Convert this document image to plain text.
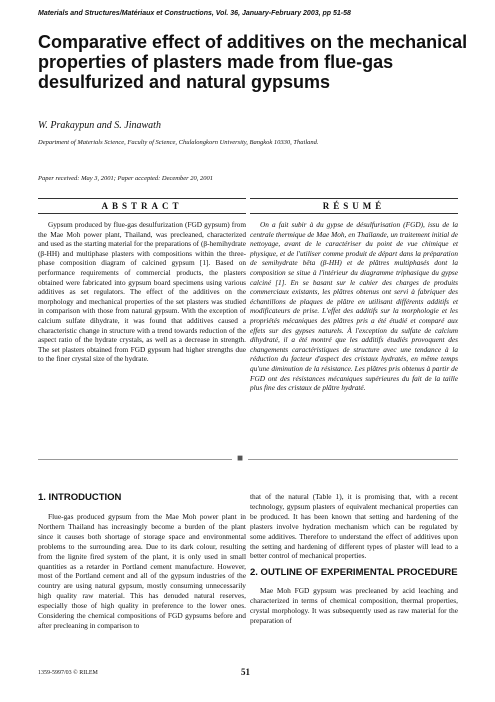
Materials and Structures/Matériaux et Constructions, Vol. 36, January-February 2003, pp 51-58
Comparative effect of additives on the mechanical properties of plasters made from flue-gas desulfurized and natural gypsums
W. Prakaypun and S. Jinawath
Department of Materials Science, Faculty of Science, Chulalongkorn University, Bangkok 10330, Thailand.
Paper received: May 3, 2001; Paper accepted: December 20, 2001
ABSTRACT	RÉSUMÉ

Gypsum produced by flue-gas desulfurization (FGD gypsum) from the Mae Moh power plant, Thailand, was precleaned, characterized and used as the starting material for the preparations of (β-hemihydrate (β-HH) and multiphase plasters with compositions within the three-phase composition diagram of calcined gypsum [1]. Based on performance requirements of commercial products, the plasters obtained were fabricated into gypsum board specimens using various additives as set regulators. The effect of the additives on the morphology and mechanical properties of the set plasters was studied in comparison with those from natural gypsum. With the exception of calcium sulfate dihydrate, it was found that additives caused a characteristic change in structure with a trend towards reduction of the aspect ratio of the hydrate crystals, as well as a decrease in strength. The set plasters obtained from FGD gypsum had higher strengths due to the finer crystal size of the hydrate.

On a fait subir à du gypse de désulfurisation (FGD), issu de la centrale thermique de Mae Moh, en Thaïlande, un traitement initial de nettoyage, avant de le caractériser du point de vue chimique et physique, et de l'utiliser comme produit de départ dans la préparation de semihydrate bêta (β-HH) et de plâtres multiphasés dont la composition se situe à l'intérieur du diagramme triphasique du gypse calciné [1]. En se basant sur le cahier des charges de produits commerciaux existants, les plâtres obtenus ont servi à fabriquer des échantillons de plaques de plâtre en utilisant différents additifs et modificateurs de prise. L'effet des additifs sur la morphologie et les propriétés mécaniques des plâtres pris a été étudié et comparé aux effets sur des gypses naturels. À l'exception du sulfate de calcium dihydraté, il a été montré que les additifs étudiés provoquent des changements caractéristiques de structure avec une tendance à la réduction du facteur d'aspect des cristaux hydratés, en même temps qu'une diminution de la résistance. Les plâtres pris obtenus à partir de FGD ont des résistances mécaniques supérieures du fait de la taille plus fine des cristaux de plâtre hydraté.

■
1. INTRODUCTION

Flue-gas produced gypsum from the Mae Moh power plant in Northern Thailand has increasingly become a burden of the plant since it causes both shortage of storage space and environmental problems to the surrounding area. Due to its dark colour, resulting from the lignite fired system of the plant, it is only used in small quantities as a retarder in Portland cement manufacture. However, most of the Portland cement and all of the gypsum industries of the country are using natural gypsum, mostly consuming unnecessarily high quality raw material. This has denuded natural reserves, especially those of high quality in preference to the lower ones. Considering the chemical compositions of FGD gypsums before and after precleaning in comparison to

that of the natural (Table 1), it is promising that, with a recent technology, gypsum plasters of equivalent mechanical properties can be produced. It has been known that setting and hardening of the plasters involve hydration mechanism which can be regulated by some additives. Therefore to understand the effect of additives upon the setting and hardening of different types of plaster will lead to a better control of mechanical properties.

2. OUTLINE OF EXPERIMENTAL PROCEDURE

Mae Moh FGD gypsum was precleaned by acid leaching and characterized in terms of chemical composition, thermal properties, crystal morphology. It was subsequently used as raw material for the preparation of

1359-5997/03 © RILEM	51
